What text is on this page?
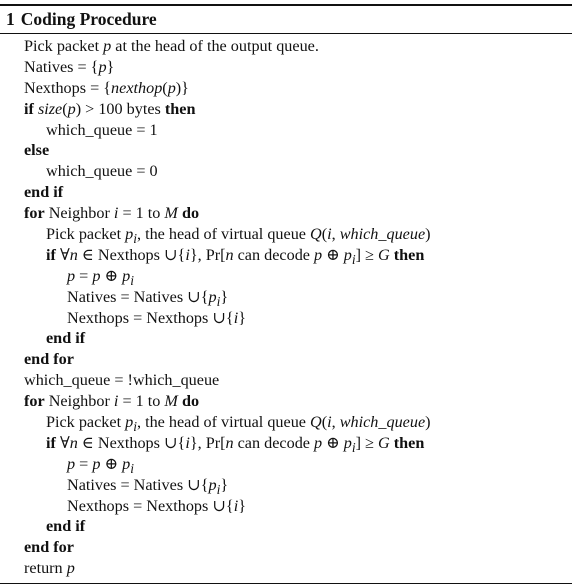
1 Coding Procedure
Pick packet p at the head of the output queue.
Natives = {p}
Nexthops = {nexthop(p)}
if size(p) > 100 bytes then
which_queue = 1
else
which_queue = 0
end if
for Neighbor i = 1 to M do
Pick packet $p_i$, the head of virtual queue Q(i, which_queue)
if ∀n ∈ Nexthops ∪{i}, Pr[n can decode p ⊕ $p_i] \ge G$ then
p = p ⊕ $p_i$
Natives = Natives $\cup\{p_i\}$
Nexthops = Nexthops ∪{i}
end if
end for
which_queue = !which_queue
for Neighbor i = 1 to M do
Pick packet $p_i$, the head of virtual queue Q(i, which_queue)
if ∀n ∈ Nexthops ∪{i}, Pr[n can decode p ⊕ $p_i] \ge G$ then
p = p ⊕ $p_i$
Natives = Natives $\cup\{p_i\}$
Nexthops = Nexthops ∪{i}
end if
end for
return p
